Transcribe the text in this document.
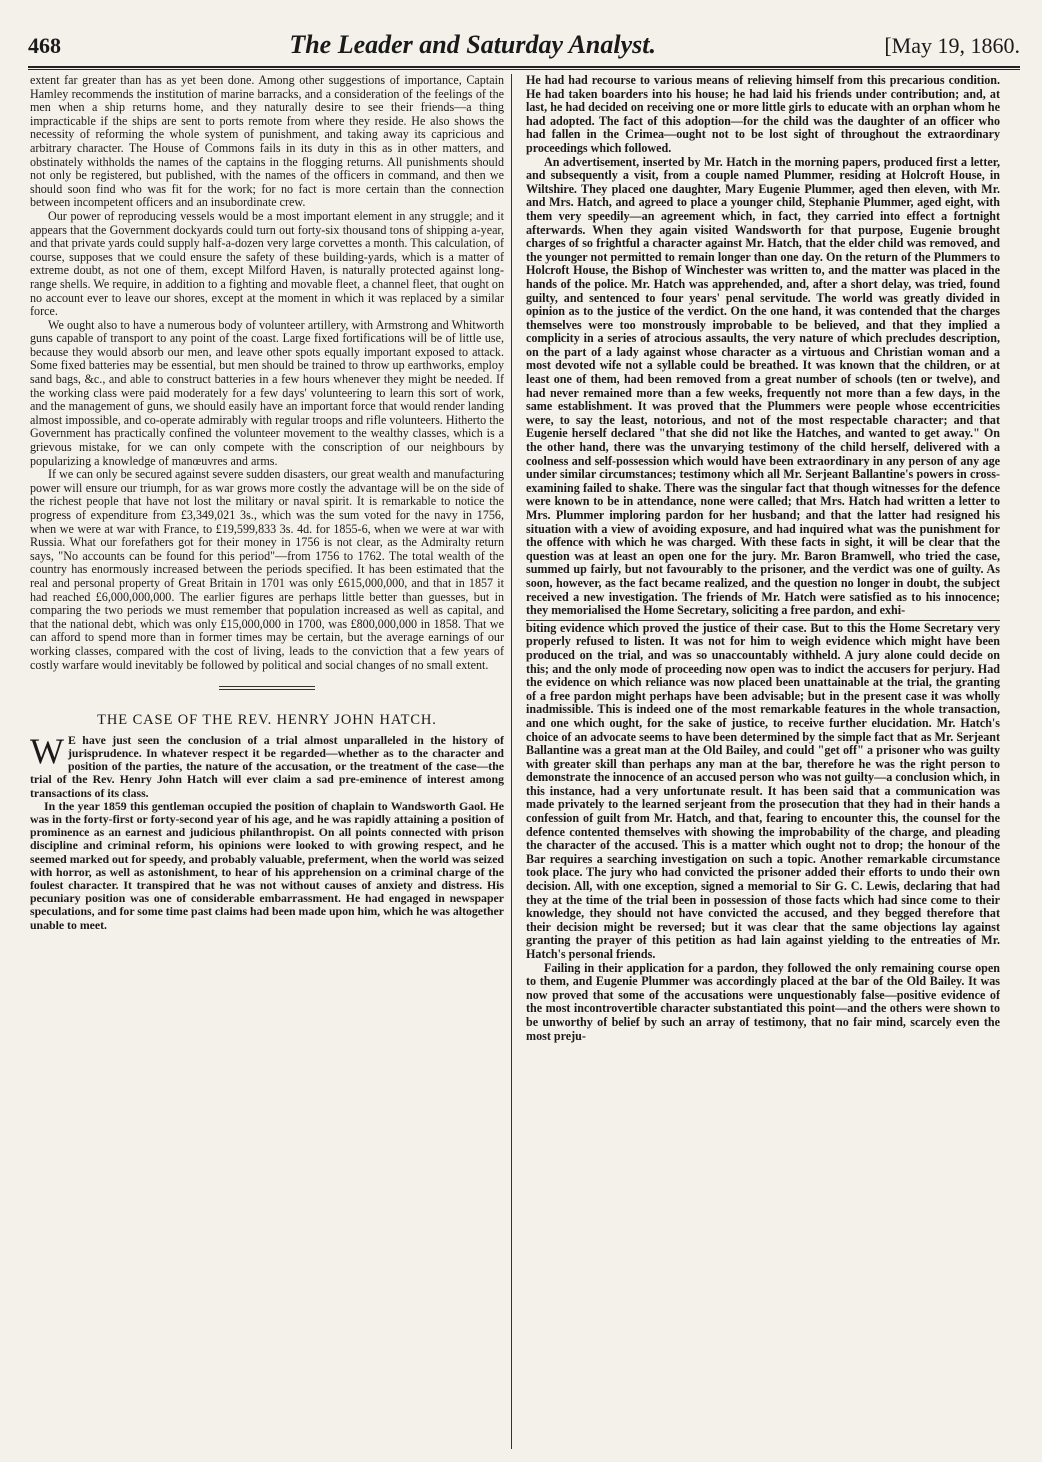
468	The Leader and Saturday Analyst.	[May 19, 1860.

extent far greater than has as yet been done. Among other suggestions of importance, Captain Hamley recommends the institution of marine barracks, and a consideration of the feelings of the men when a ship returns home, and they naturally desire to see their friends—a thing impracticable if the ships are sent to ports remote from where they reside. He also shows the necessity of reforming the whole system of punishment, and taking away its capricious and arbitrary character. The House of Commons fails in its duty in this as in other matters, and obstinately withholds the names of the captains in the flogging returns. All punishments should not only be registered, but published, with the names of the officers in command, and then we should soon find who was fit for the work; for no fact is more certain than the connection between incompetent officers and an insubordinate crew.

Our power of reproducing vessels would be a most important element in any struggle; and it appears that the Government dockyards could turn out forty-six thousand tons of shipping a-year, and that private yards could supply half-a-dozen very large corvettes a month. This calculation, of course, supposes that we could ensure the safety of these building-yards, which is a matter of extreme doubt, as not one of them, except Milford Haven, is naturally protected against long-range shells. We require, in addition to a fighting and movable fleet, a channel fleet, that ought on no account ever to leave our shores, except at the moment in which it was replaced by a similar force.

We ought also to have a numerous body of volunteer artillery, with Armstrong and Whitworth guns capable of transport to any point of the coast. Large fixed fortifications will be of little use, because they would absorb our men, and leave other spots equally important exposed to attack. Some fixed batteries may be essential, but men should be trained to throw up earthworks, employ sand bags, &c., and able to construct batteries in a few hours whenever they might be needed. If the working class were paid moderately for a few days' volunteering to learn this sort of work, and the management of guns, we should easily have an important force that would render landing almost impossible, and co-operate admirably with regular troops and rifle volunteers. Hitherto the Government has practically confined the volunteer movement to the wealthy classes, which is a grievous mistake, for we can only compete with the conscription of our neighbours by popularizing a knowledge of manœuvres and arms.

If we can only be secured against severe sudden disasters, our great wealth and manufacturing power will ensure our triumph, for as war grows more costly the advantage will be on the side of the richest people that have not lost the military or naval spirit. It is remarkable to notice the progress of expenditure from £3,349,021 3s., which was the sum voted for the navy in 1756, when we were at war with France, to £19,599,833 3s. 4d. for 1855-6, when we were at war with Russia. What our forefathers got for their money in 1756 is not clear, as the Admiralty return says, "No accounts can be found for this period"—from 1756 to 1762. The total wealth of the country has enormously increased between the periods specified. It has been estimated that the real and personal property of Great Britain in 1701 was only £615,000,000, and that in 1857 it had reached £6,000,000,000. The earlier figures are perhaps little better than guesses, but in comparing the two periods we must remember that population increased as well as capital, and that the national debt, which was only £15,000,000 in 1700, was £800,000,000 in 1858. That we can afford to spend more than in former times may be certain, but the average earnings of our working classes, compared with the cost of living, leads to the conviction that a few years of costly warfare would inevitably be followed by political and social changes of no small extent.

THE CASE OF THE REV. HENRY JOHN HATCH.

W E have just seen the conclusion of a trial almost unparalleled in the history of jurisprudence. In whatever respect it be regarded—whether as to the character and position of the parties, the nature of the accusation, or the treatment of the case—the trial of the Rev. Henry John Hatch will ever claim a sad pre-eminence of interest among transactions of its class.

In the year 1859 this gentleman occupied the position of chaplain to Wandsworth Gaol. He was in the forty-first or forty-second year of his age, and he was rapidly attaining a position of prominence as an earnest and judicious philanthropist. On all points connected with prison discipline and criminal reform, his opinions were looked to with growing respect, and he seemed marked out for speedy, and probably valuable, preferment, when the world was seized with horror, as well as astonishment, to hear of his apprehension on a criminal charge of the foulest character. It transpired that he was not without causes of anxiety and distress. His pecuniary position was one of considerable embarrassment. He had engaged in newspaper speculations, and for some time past claims had been made upon him, which he was altogether unable to meet.

He had had recourse to various means of relieving himself from this precarious condition. He had taken boarders into his house; he had laid his friends under contribution; and, at last, he had decided on receiving one or more little girls to educate with an orphan whom he had adopted. The fact of this adoption—for the child was the daughter of an officer who had fallen in the Crimea—ought not to be lost sight of throughout the extraordinary proceedings which followed.

An advertisement, inserted by Mr. Hatch in the morning papers, produced first a letter, and subsequently a visit, from a couple named Plummer, residing at Holcroft House, in Wiltshire. They placed one daughter, Mary Eugenie Plummer, aged then eleven, with Mr. and Mrs. Hatch, and agreed to place a younger child, Stephanie Plummer, aged eight, with them very speedily—an agreement which, in fact, they carried into effect a fortnight afterwards. When they again visited Wandsworth for that purpose, Eugenie brought charges of so frightful a character against Mr. Hatch, that the elder child was removed, and the younger not permitted to remain longer than one day. On the return of the Plummers to Holcroft House, the Bishop of Winchester was written to, and the matter was placed in the hands of the police. Mr. Hatch was apprehended, and, after a short delay, was tried, found guilty, and sentenced to four years' penal servitude. The world was greatly divided in opinion as to the justice of the verdict. On the one hand, it was contended that the charges themselves were too monstrously improbable to be believed, and that they implied a complicity in a series of atrocious assaults, the very nature of which precludes description, on the part of a lady against whose character as a virtuous and Christian woman and a most devoted wife not a syllable could be breathed. It was known that the children, or at least one of them, had been removed from a great number of schools (ten or twelve), and had never remained more than a few weeks, frequently not more than a few days, in the same establishment. It was proved that the Plummers were people whose eccentricities were, to say the least, notorious, and not of the most respectable character; and that Eugenie herself declared "that she did not like the Hatches, and wanted to get away." On the other hand, there was the unvarying testimony of the child herself, delivered with a coolness and self-possession which would have been extraordinary in any person of any age under similar circumstances; testimony which all Mr. Serjeant Ballantine's powers in cross-examining failed to shake. There was the singular fact that though witnesses for the defence were known to be in attendance, none were called; that Mrs. Hatch had written a letter to Mrs. Plummer imploring pardon for her husband; and that the latter had resigned his situation with a view of avoiding exposure, and had inquired what was the punishment for the offence with which he was charged. With these facts in sight, it will be clear that the question was at least an open one for the jury. Mr. Baron Bramwell, who tried the case, summed up fairly, but not favourably to the prisoner, and the verdict was one of guilty. As soon, however, as the fact became realized, and the question no longer in doubt, the subject received a new investigation. The friends of Mr. Hatch were satisfied as to his innocence; they memorialised the Home Secretary, soliciting a free pardon, and exhi-

biting evidence which proved the justice of their case. But to this the Home Secretary very properly refused to listen. It was not for him to weigh evidence which might have been produced on the trial, and was so unaccountably withheld. A jury alone could decide on this; and the only mode of proceeding now open was to indict the accusers for perjury. Had the evidence on which reliance was now placed been unattainable at the trial, the granting of a free pardon might perhaps have been advisable; but in the present case it was wholly inadmissible. This is indeed one of the most remarkable features in the whole transaction, and one which ought, for the sake of justice, to receive further elucidation. Mr. Hatch's choice of an advocate seems to have been determined by the simple fact that as Mr. Serjeant Ballantine was a great man at the Old Bailey, and could "get off" a prisoner who was guilty with greater skill than perhaps any man at the bar, therefore he was the right person to demonstrate the innocence of an accused person who was not guilty—a conclusion which, in this instance, had a very unfortunate result. It has been said that a communication was made privately to the learned serjeant from the prosecution that they had in their hands a confession of guilt from Mr. Hatch, and that, fearing to encounter this, the counsel for the defence contented themselves with showing the improbability of the charge, and pleading the character of the accused. This is a matter which ought not to drop; the honour of the Bar requires a searching investigation on such a topic. Another remarkable circumstance took place. The jury who had convicted the prisoner added their efforts to undo their own decision. All, with one exception, signed a memorial to Sir G. C. Lewis, declaring that had they at the time of the trial been in possession of those facts which had since come to their knowledge, they should not have convicted the accused, and they begged therefore that their decision might be reversed; but it was clear that the same objections lay against granting the prayer of this petition as had lain against yielding to the entreaties of Mr. Hatch's personal friends.

Failing in their application for a pardon, they followed the only remaining course open to them, and Eugenie Plummer was accordingly placed at the bar of the Old Bailey. It was now proved that some of the accusations were unquestionably false—positive evidence of the most incontrovertible character substantiated this point—and the others were shown to be unworthy of belief by such an array of testimony, that no fair mind, scarcely even the most preju-
